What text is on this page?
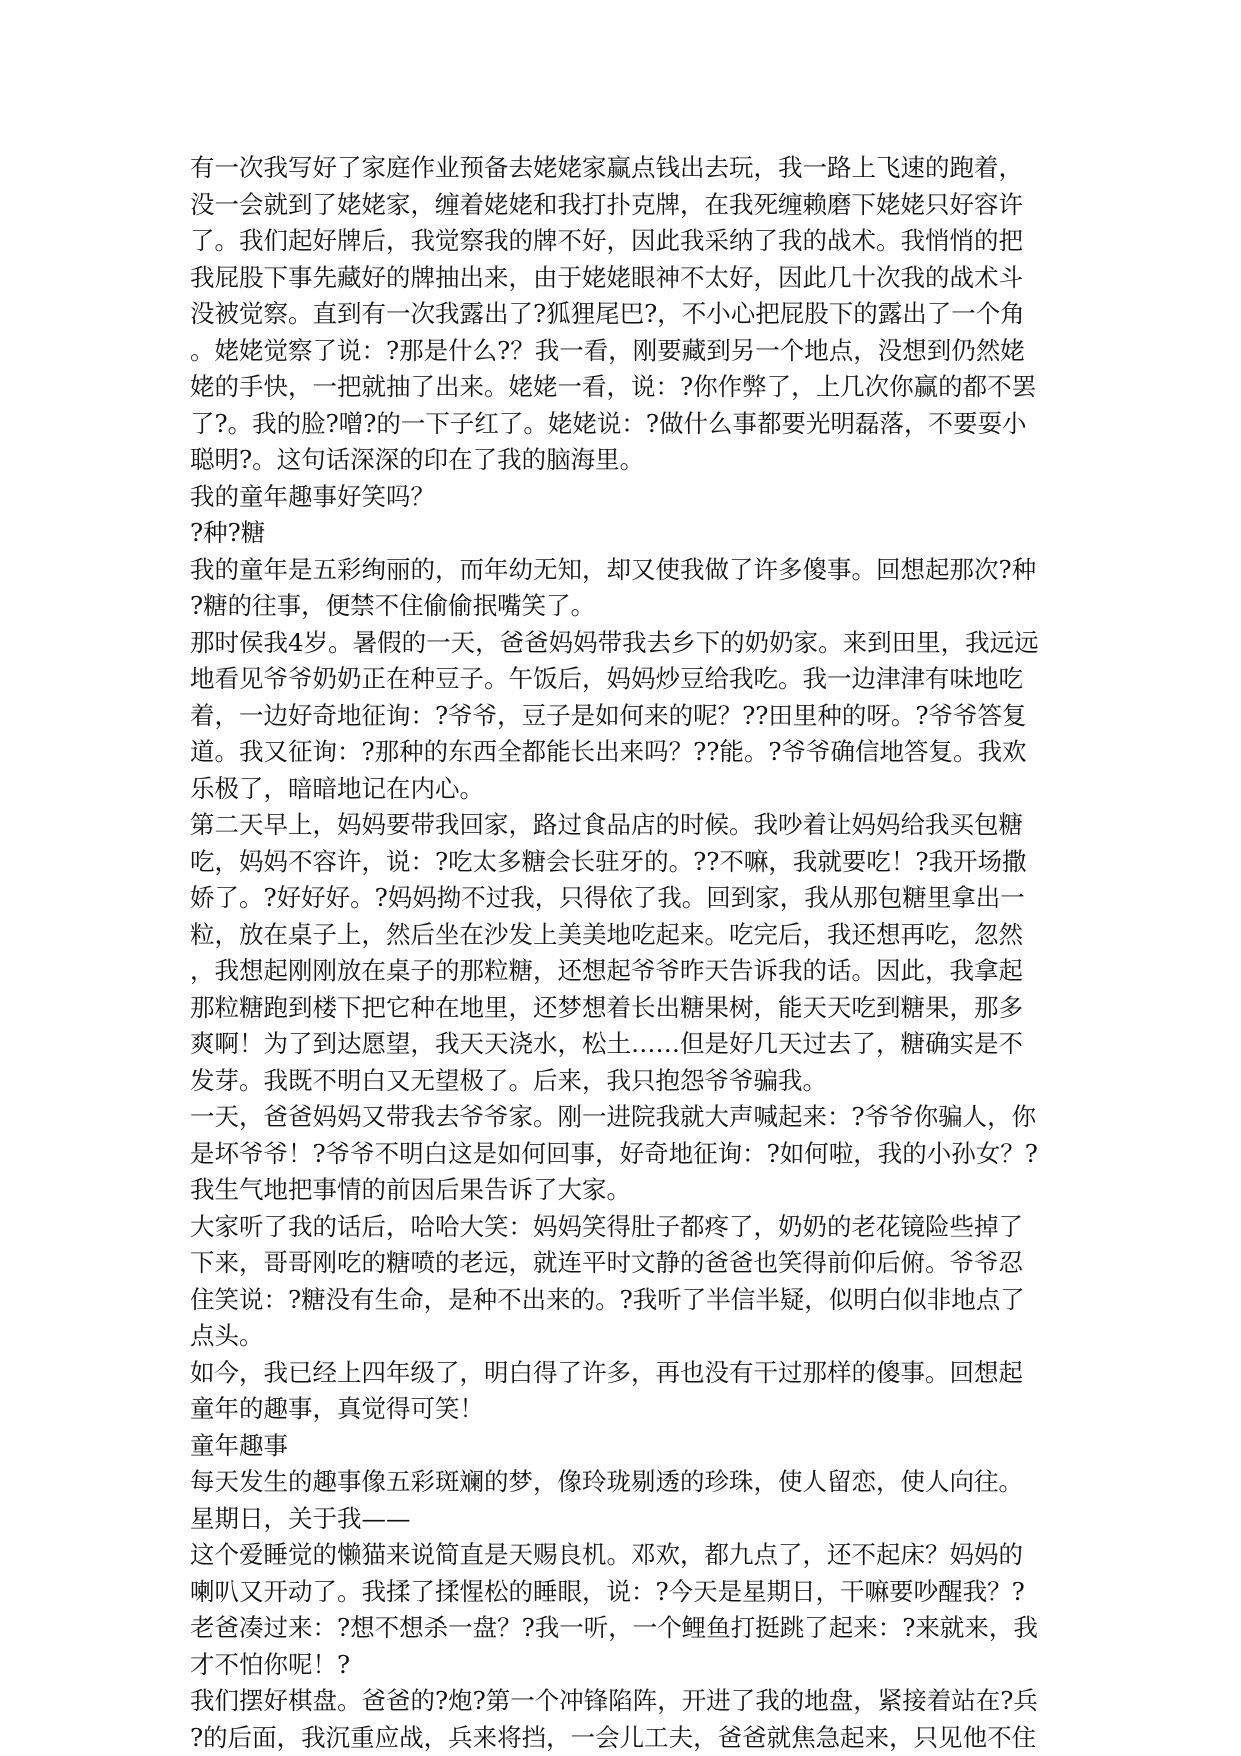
有一次我写好了家庭作业预备去姥姥家赢点钱出去玩，我一路上飞速的跑着，
没一会就到了姥姥家，缠着姥姥和我打扑克牌，在我死缠赖磨下姥姥只好容许
了。我们起好牌后，我觉察我的牌不好，因此我采纳了我的战术。我悄悄的把
我屁股下事先藏好的牌抽出来，由于姥姥眼神不太好，因此几十次我的战术斗
没被觉察。直到有一次我露出了?狐狸尾巴?，不小心把屁股下的露出了一个角
。姥姥觉察了说：?那是什么?？我一看，刚要藏到另一个地点，没想到仍然姥
姥的手快，一把就抽了出来。姥姥一看，说：?你作弊了，上几次你赢的都不罢
了?。我的脸?噌?的一下子红了。姥姥说：?做什么事都要光明磊落，不要耍小
聪明?。这句话深深的印在了我的脑海里。

我的童年趣事好笑吗？

?种?糖

我的童年是五彩绚丽的，而年幼无知，却又使我做了许多傻事。回想起那次?种
?糖的往事，便禁不住偷偷抿嘴笑了。

那时侯我4岁。暑假的一天，爸爸妈妈带我去乡下的奶奶家。来到田里，我远远
地看见爷爷奶奶正在种豆子。午饭后，妈妈炒豆给我吃。我一边津津有味地吃
着，一边好奇地征询：?爷爷，豆子是如何来的呢？??田里种的呀。?爷爷答复
道。我又征询：?那种的东西全都能长出来吗？??能。?爷爷确信地答复。我欢
乐极了，暗暗地记在内心。

第二天早上，妈妈要带我回家，路过食品店的时候。我吵着让妈妈给我买包糖
吃，妈妈不容许，说：?吃太多糖会长驻牙的。??不嘛，我就要吃！?我开场撒
娇了。?好好好。?妈妈拗不过我，只得依了我。回到家，我从那包糖里拿出一
粒，放在桌子上，然后坐在沙发上美美地吃起来。吃完后，我还想再吃，忽然
，我想起刚刚放在桌子的那粒糖，还想起爷爷昨天告诉我的话。因此，我拿起
那粒糖跑到楼下把它种在地里，还梦想着长出糖果树，能天天吃到糖果，那多
爽啊！为了到达愿望，我天天浇水，松土……但是好几天过去了，糖确实是不
发芽。我既不明白又无望极了。后来，我只抱怨爷爷骗我。

一天，爸爸妈妈又带我去爷爷家。刚一进院我就大声喊起来：?爷爷你骗人，你
是坏爷爷！?爷爷不明白这是如何回事，好奇地征询：?如何啦，我的小孙女？?
我生气地把事情的前因后果告诉了大家。

大家听了我的话后，哈哈大笑：妈妈笑得肚子都疼了，奶奶的老花镜险些掉了
下来，哥哥刚吃的糖喷的老远，就连平时文静的爸爸也笑得前仰后俯。爷爷忍
住笑说：?糖没有生命，是种不出来的。?我听了半信半疑，似明白似非地点了
点头。

如今，我已经上四年级了，明白得了许多，再也没有干过那样的傻事。回想起
童年的趣事，真觉得可笑！

童年趣事

每天发生的趣事像五彩斑斓的梦，像玲珑剔透的珍珠，使人留恋，使人向往。

星期日，关于我——

这个爱睡觉的懒猫来说简直是天赐良机。邓欢，都九点了，还不起床？妈妈的
喇叭又开动了。我揉了揉惺松的睡眼，说：?今天是星期日，干嘛要吵醒我？?
老爸凑过来：?想不想杀一盘？?我一听，一个鲤鱼打挺跳了起来：?来就来，我
才不怕你呢！?

我们摆好棋盘。爸爸的?炮?第一个冲锋陷阵，开进了我的地盘，紧接着站在?兵
?的后面，我沉重应战，兵来将挡，一会儿工夫，爸爸就焦急起来，只见他不住
